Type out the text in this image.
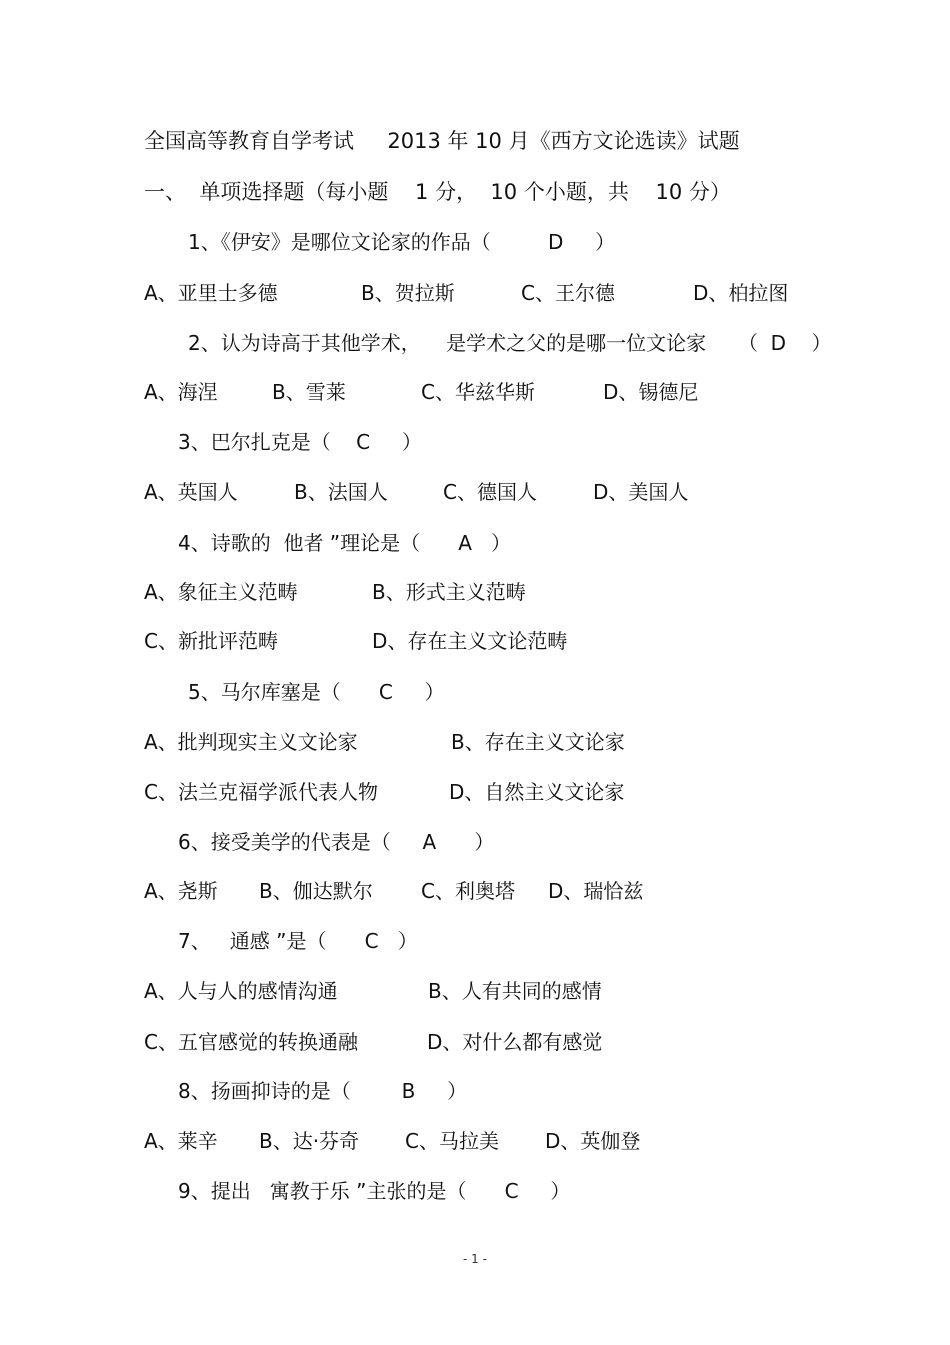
全国高等教育自学考试     2013 年 10 月《西方文论选读》试题
一、  单项选择题（每小题    1 分，  10 个小题，共    10 分）
1、《伊安》是哪位文论家的作品（         D     ）
A、亚里士多德	B、贺拉斯	C、王尔德	D、柏拉图
2、认为诗高于其他学术，    是学术之父的是哪一位文论家     （  D    ）
A、海涅	B、雪莱	C、华兹华斯	D、锡德尼
3、巴尔扎克是（    C     ）
A、英国人	B、法国人	C、德国人	D、美国人
4、诗歌的  他者 ”理论是（      A   ）
A、象征主义范畴	B、形式主义范畴
C、新批评范畴	D、存在主义文论范畴
5、马尔库塞是（      C     ）
A、批判现实主义文论家	B、存在主义文论家
C、法兰克福学派代表人物	D、自然主义文论家
6、接受美学的代表是（     A      ）
A、尧斯 B、伽达默尔 C、利奥塔 D、瑞恰兹
7、   通感 ”是（      C   ）
A、人与人的感情沟通	B、人有共同的感情
C、五官感觉的转换通融	D、对什么都有感觉
8、扬画抑诗的是（        B     ）
A、莱辛 B、达·芬奇 C、马拉美 D、英伽登
9、提出   寓教于乐 ”主张的是（      C     ）
- 1 -
